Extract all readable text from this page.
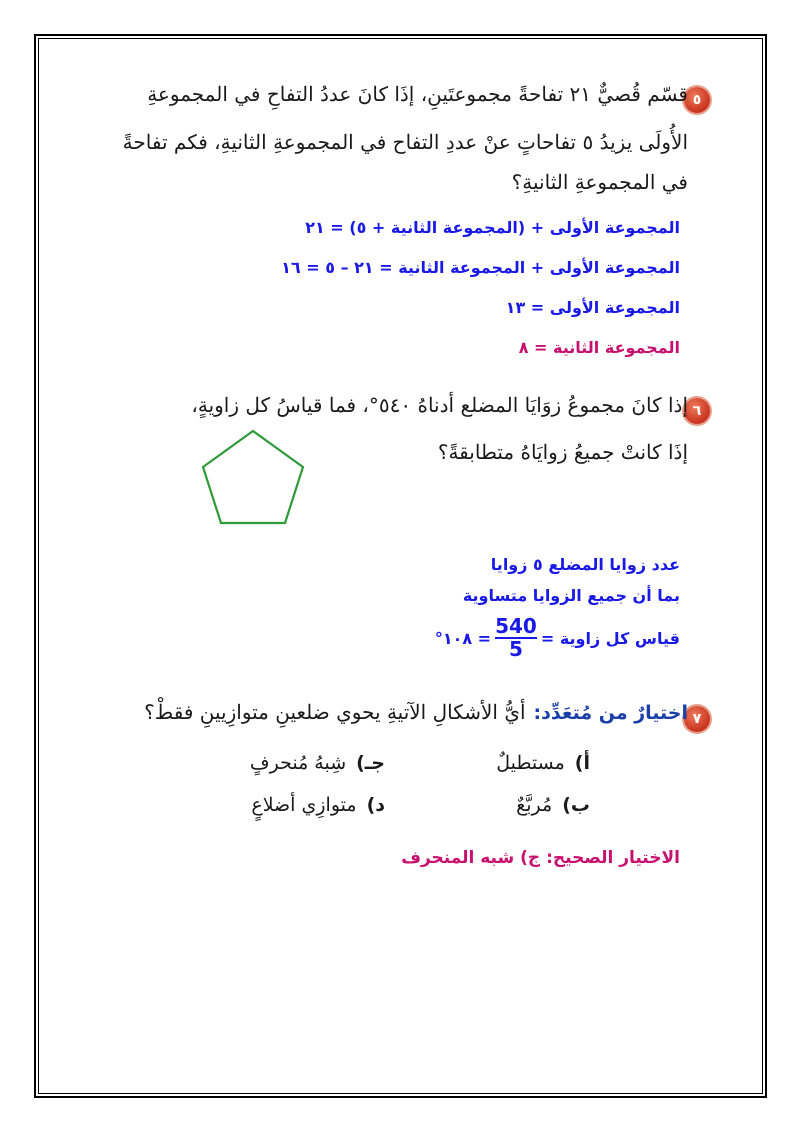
٥
قسّم قُصيٌّ ٢١ تفاحةً مجموعتَينِ، إذَا كانَ عددُ التفاحِ في المجموعةِ
الأُولَى يزيدُ ٥ تفاحاتٍ عنْ عددِ التفاح في المجموعةِ الثانيةِ، فكم تفاحةً
في المجموعةِ الثانيةِ؟
المجموعة الأولى + (المجموعة الثانية + ٥) = ٢١
المجموعة الأولى + المجموعة الثانية = ٢١ – ٥ = ١٦
المجموعة الأولى = ١٣
المجموعة الثانية = ٨
٦
إذا كانَ مجموعُ زوَايَا المضلع أدناهُ ٥٤٠°، فما قياسُ كل زاويةٍ،
إذَا كانتْ جميعُ زوايَاهُ متطابقةً؟
عدد زوايا المضلع ٥ زوايا
بما أن جميع الزوايا متساوية
قياس كل زاوية =
$\frac{540}{5}$
= ١٠٨°
٧
اختيارٌ من مُتعَدِّد:
أيُّ الأشكالِ الآتيةِ يحوي ضلعينِ متوازِيينِ فقطْ؟
أ)مستطيلٌ
جـ)شِبهُ مُنحرفٍ
ب)مُربَّعٌ
د)متوازِي أضلاعٍ
الاختيار الصحيح: ج) شبه المنحرف
